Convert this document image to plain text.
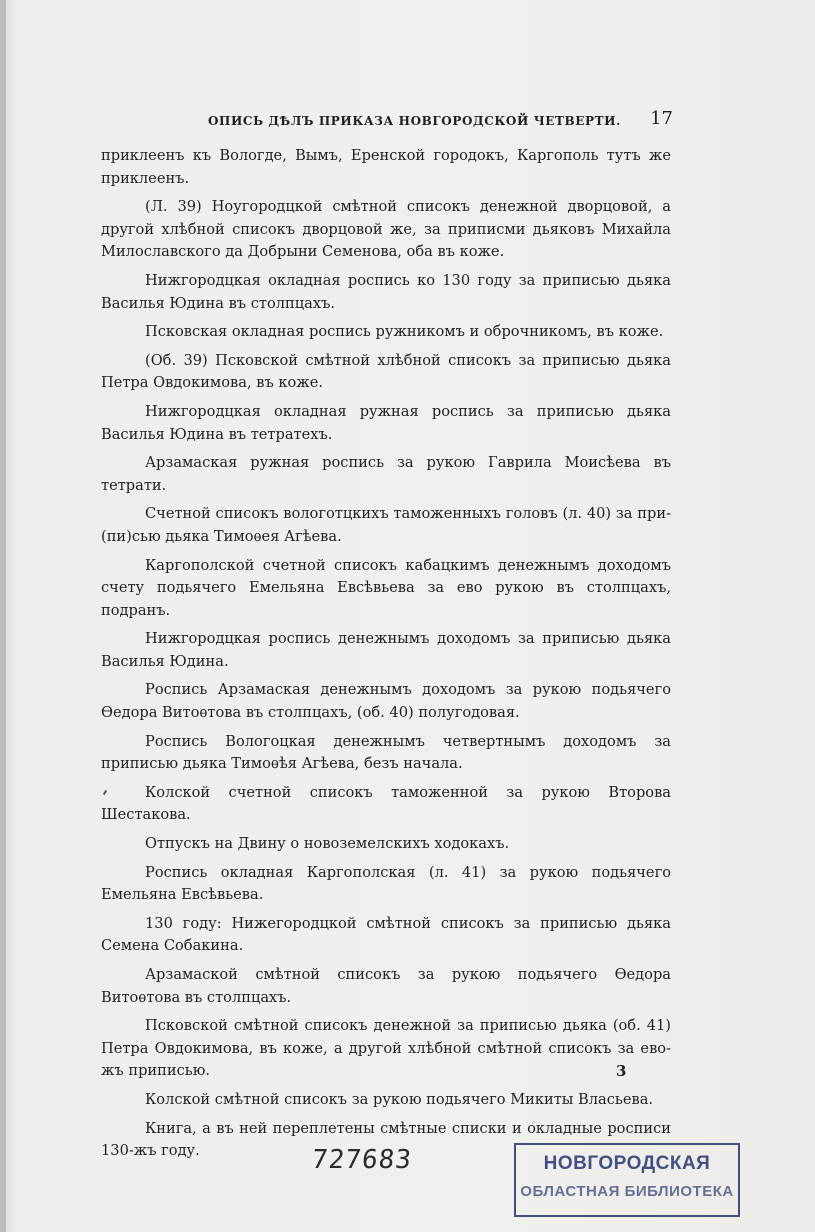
ОПИСЬ ДѢЛЪ ПРИКАЗА НОВГОРОДСКОЙ ЧЕТВЕРТИ. 17

приклеенъ къ Вологде, Вымъ, Еренской городокъ, Каргополь тутъ же приклеенъ.

(Л. 39) Ноугородцкой смѣтной списокъ денежной дворцовой, а другой хлѣбной списокъ дворцовой же, за приписми дьяковъ Михайла Милославского да Добрыни Семенова, оба въ коже.

Нижгородцкая окладная роспись ко 130 году за приписью дьяка Василья Юдина въ столпцахъ.

Псковская окладная роспись ружникомъ и оброчникомъ, въ коже.

(Об. 39) Псковской смѣтной хлѣбной списокъ за приписью дьяка Петра Овдокимова, въ коже.

Нижгородцкая окладная ружная роспись за приписью дьяка Василья Юдина въ тетратехъ.

Арзамаская ружная роспись за рукою Гаврила Моисѣева въ тетрати.

Счетной списокъ вологотцкихъ таможенныхъ головъ (л. 40) за при-(пи)сью дьяка Тимоѳея Агѣева.

Каргополской счетной списокъ кабацкимъ денежнымъ доходомъ счету подьячего Емельяна Евсѣвьева за ево рукою въ столпцахъ, подранъ.

Нижгородцкая роспись денежнымъ доходомъ за приписью дьяка Василья Юдина.

Роспись Арзамаская денежнымъ доходомъ за рукою подьячего Ѳедора Витоѳтова въ столпцахъ, (об. 40) полугодовая.

Роспись Вологоцкая денежнымъ четвертнымъ доходомъ за приписью дьяка Тимоѳѣя Агѣева, безъ начала.

Колской счетной списокъ таможенной за рукою Второва Шестакова.

Отпускъ на Двину о новоземелскихъ ходокахъ.

Роспись окладная Каргополская (л. 41) за рукою подьячего Емельяна Евсѣвьева.

130 году: Нижегородцкой смѣтной списокъ за приписью дьяка Семена Собакина.

Арзамаской смѣтной списокъ за рукою подьячего Ѳедора Витоѳтова въ столпцахъ.

Псковской смѣтной списокъ денежной за приписью дьяка (об. 41) Петра Овдокимова, въ коже, а другой хлѣбной смѣтной списокъ за ево-жъ приписью.

Колской смѣтной списокъ за рукою подьячего Микиты Власьева.

Книга, а въ ней переплетены смѣтные списки и окладные росписи 130-жъ году.

3
727683	НОВГОРОДСКАЯ
ОБЛАСТНАЯ БИБЛИОТЕКА
